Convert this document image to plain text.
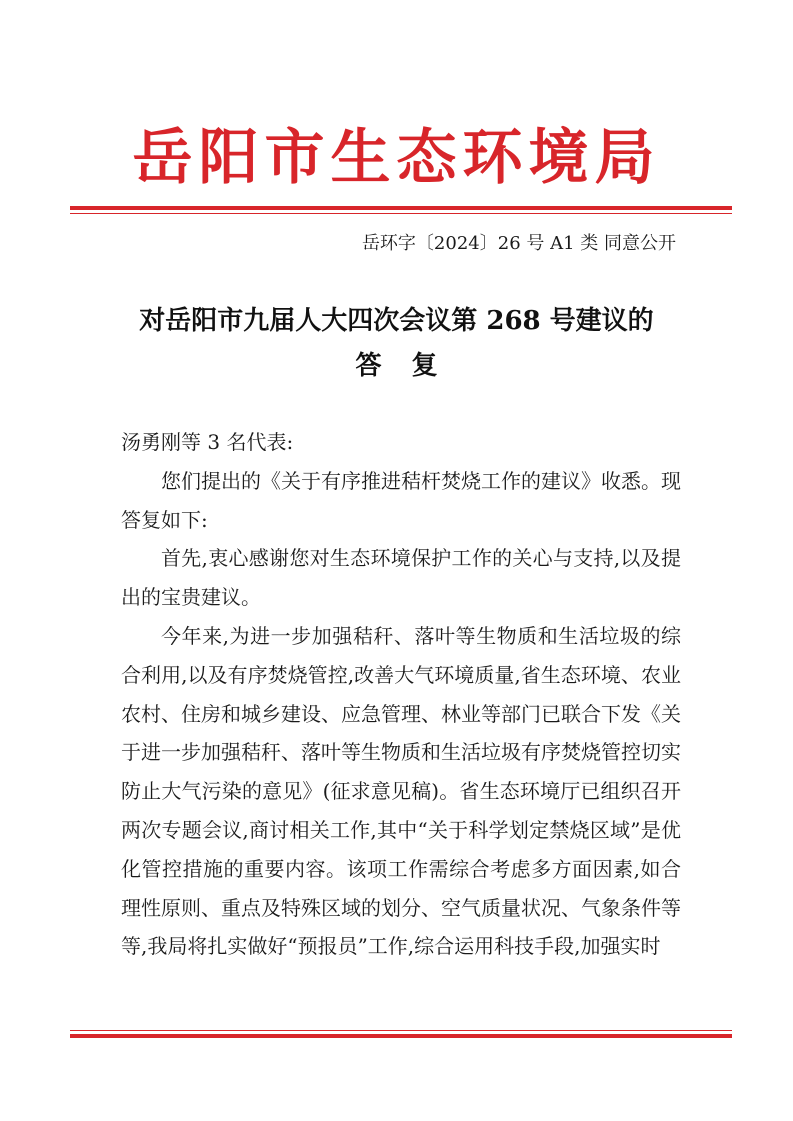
岳阳市生态环境局
岳环字〔2024〕26 号 A1 类 同意公开
对岳阳市九届人大四次会议第 268 号建议的
答复

汤勇刚等 3 名代表:

您们提出的《关于有序推进秸杆焚烧工作的建议》收悉。现答复如下:

首先,衷心感谢您对生态环境保护工作的关心与支持,以及提出的宝贵建议。

今年来,为进一步加强秸秆、落叶等生物质和生活垃圾的综合利用,以及有序焚烧管控,改善大气环境质量,省生态环境、农业农村、住房和城乡建设、应急管理、林业等部门已联合下发《关于进一步加强秸秆、落叶等生物质和生活垃圾有序焚烧管控切实防止大气污染的意见》(征求意见稿)。省生态环境厅已组织召开两次专题会议,商讨相关工作,其中“关于科学划定禁烧区域”是优化管控措施的重要内容。该项工作需综合考虑多方面因素,如合理性原则、重点及特殊区域的划分、空气质量状况、气象条件等等,我局将扎实做好“预报员”工作,综合运用科技手段,加强实时
